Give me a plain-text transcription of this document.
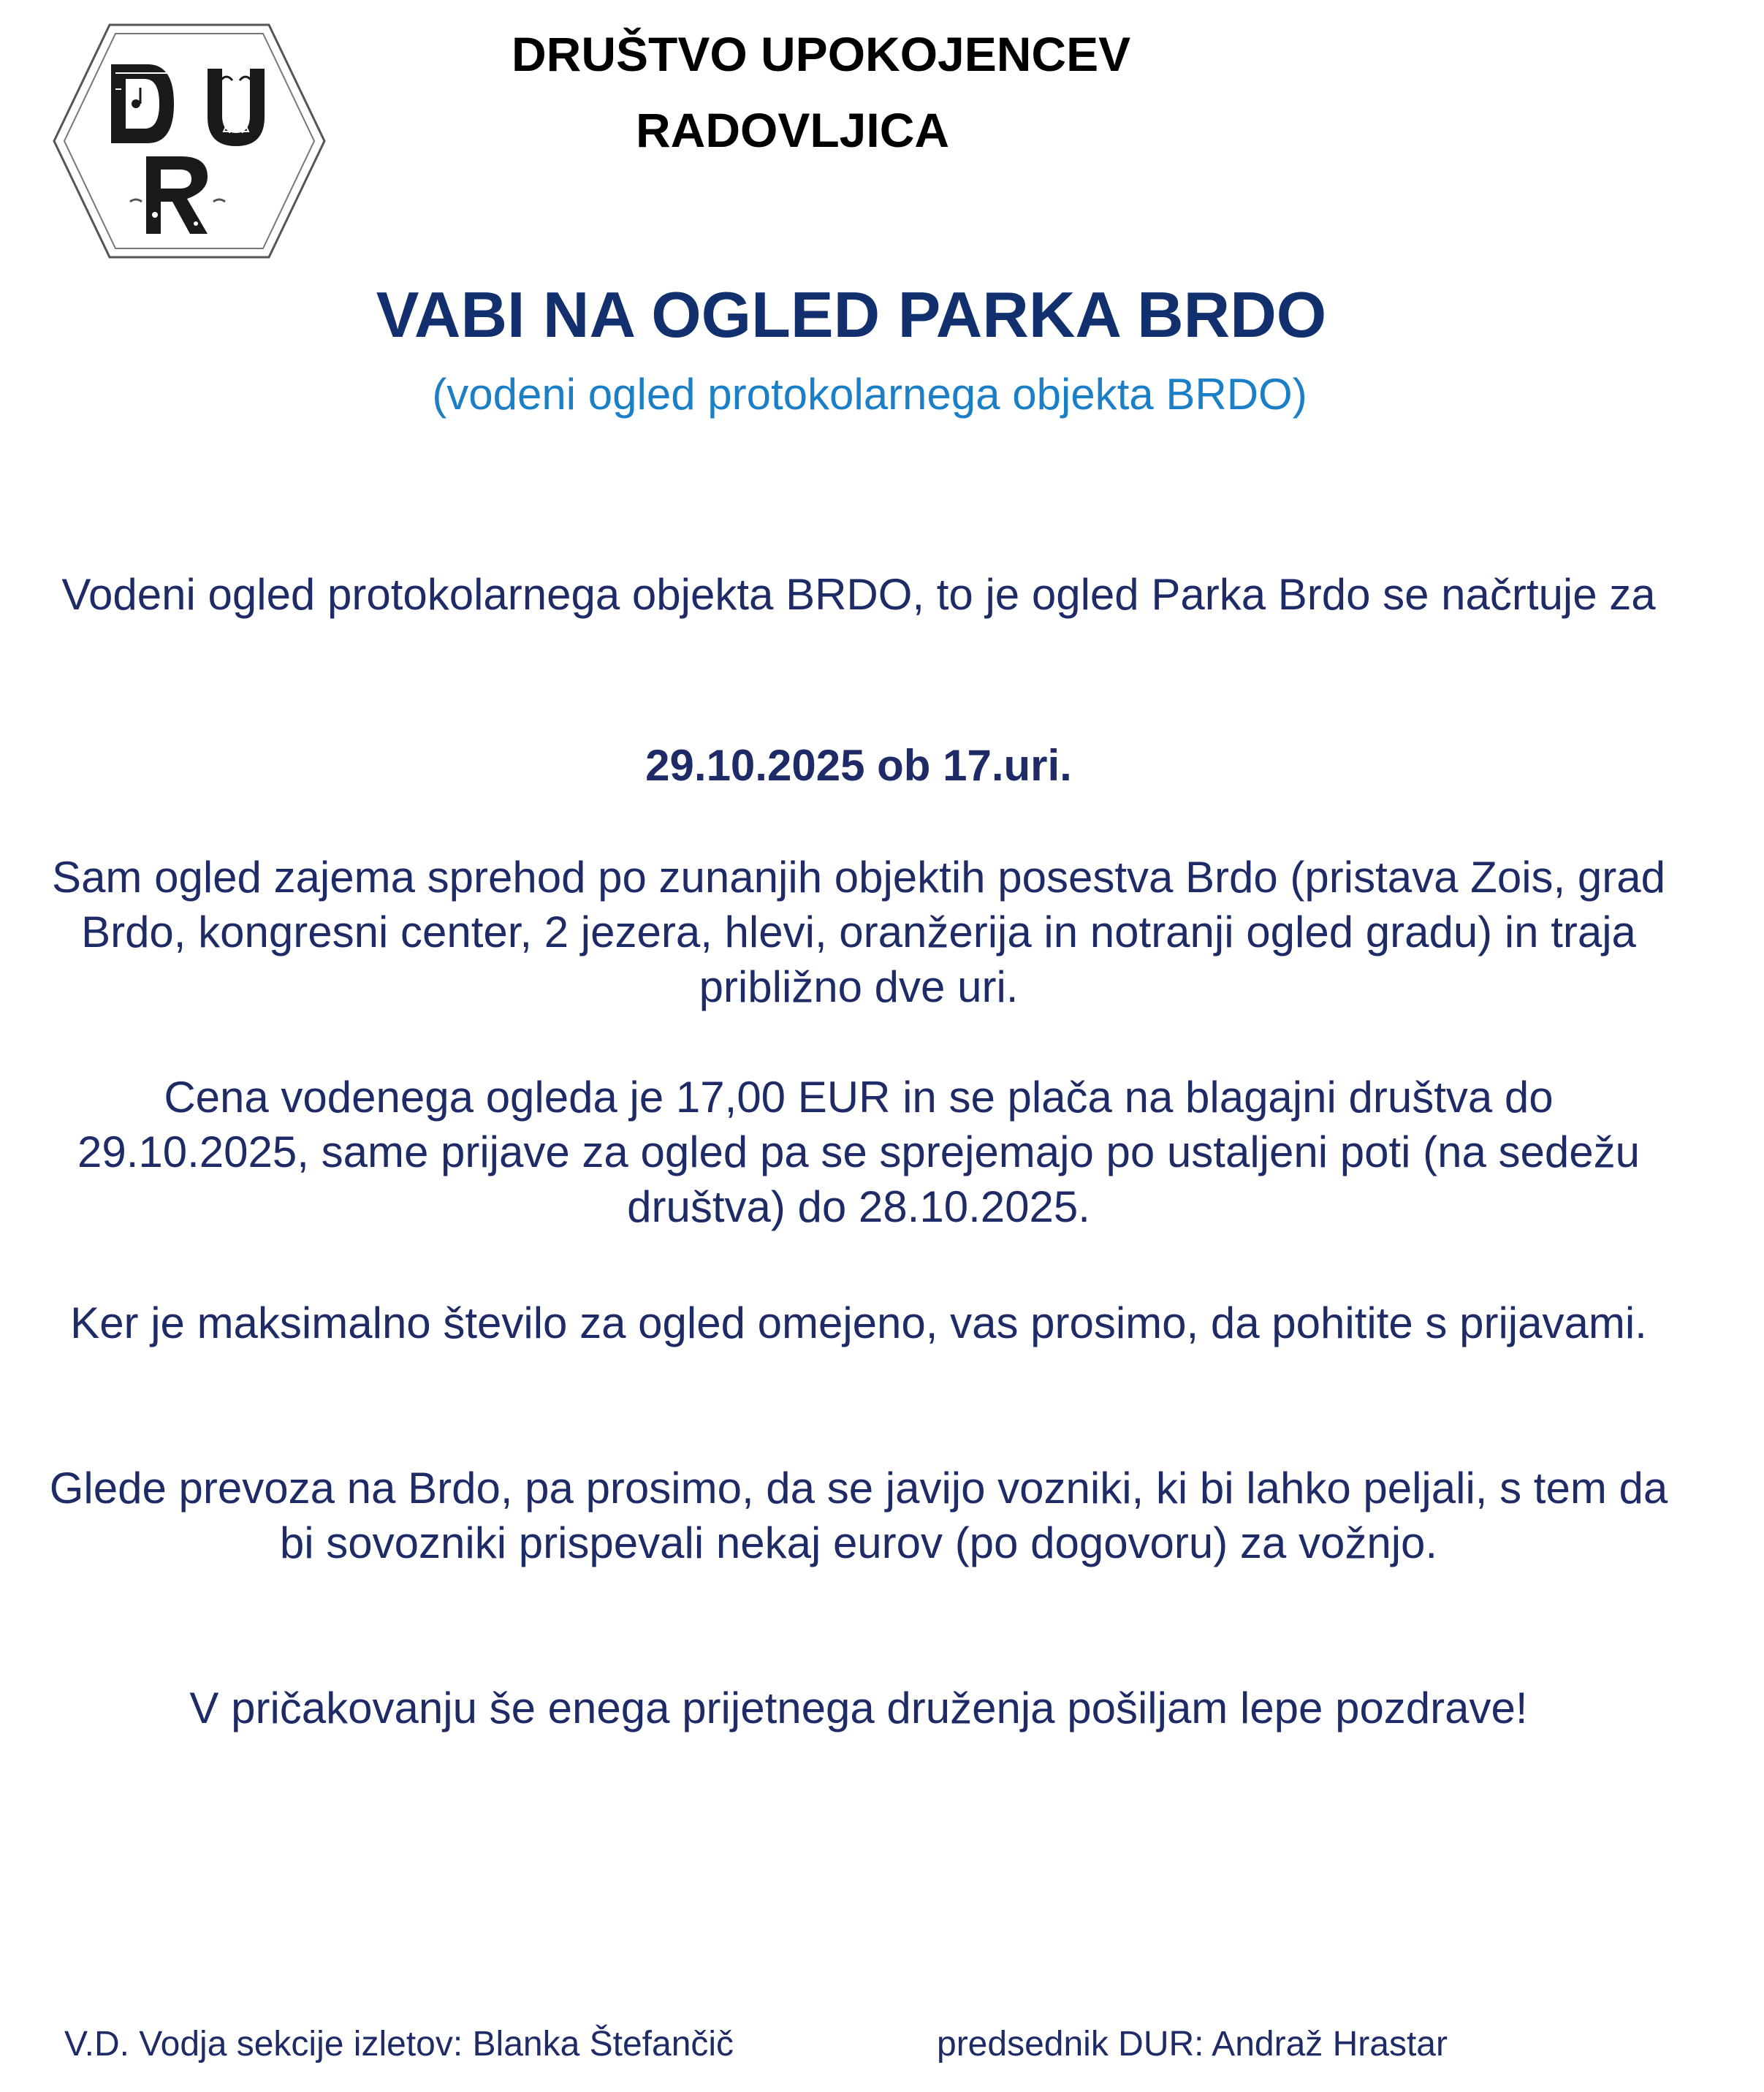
DRUŠTVO UPOKOJENCEV
RADOVLJICA
VABI NA OGLED PARKA BRDO
(vodeni ogled protokolarnega objekta BRDO)
Vodeni ogled protokolarnega objekta BRDO, to je ogled Parka Brdo se načrtuje za
29.10.2025 ob 17.uri.
Sam ogled zajema sprehod po zunanjih objektih posestva Brdo (pristava Zois, grad Brdo, kongresni center, 2 jezera, hlevi, oranžerija in notranji ogled gradu) in traja približno dve uri.
Cena vodenega ogleda je 17,00 EUR in se plača na blagajni društva do 29.10.2025, same prijave za ogled pa se sprejemajo po ustaljeni poti (na sedežu društva) do 28.10.2025.
Ker je maksimalno število za ogled omejeno, vas prosimo, da pohitite s prijavami.
Glede prevoza na Brdo, pa prosimo, da se javijo vozniki, ki bi lahko peljali, s tem da bi sovozniki prispevali nekaj eurov (po dogovoru) za vožnjo.
V pričakovanju še enega prijetnega druženja pošiljam lepe pozdrave!
V.D. Vodja sekcije izletov: Blanka Štefančič	predsednik DUR: Andraž Hrastar
